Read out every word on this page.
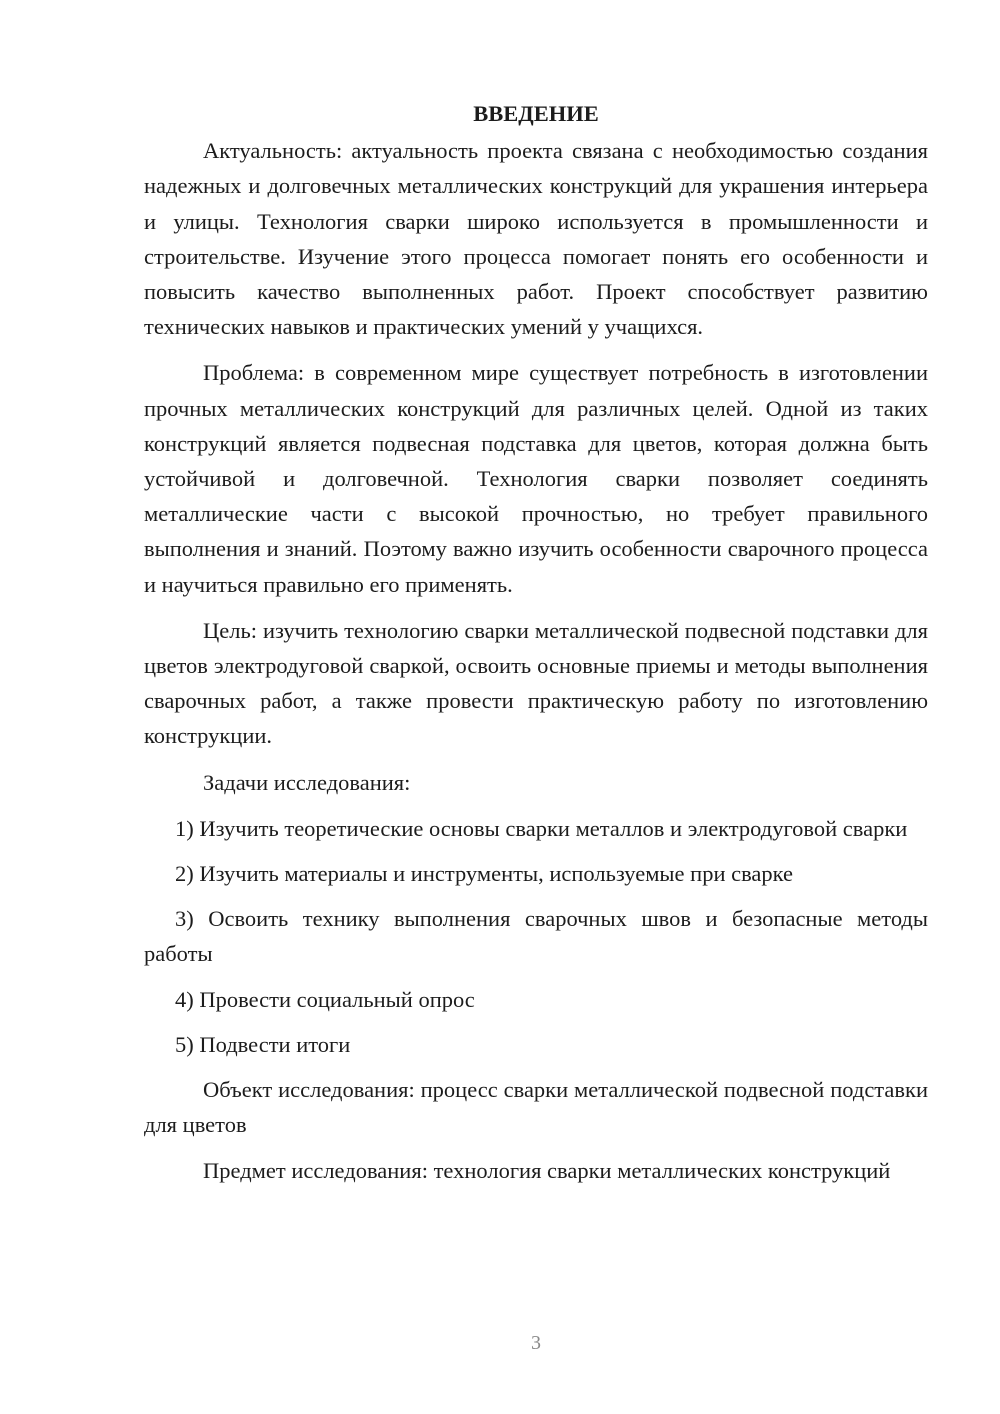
ВВЕДЕНИЕ

Актуальность: актуальность проекта связана с необходимостью создания надежных и долговечных металлических конструкций для украшения интерьера и улицы. Технология сварки широко используется в промышленности и строительстве. Изучение этого процесса помогает понять его особенности и повысить качество выполненных работ. Проект способствует развитию технических навыков и практических умений у учащихся.

Проблема: в современном мире существует потребность в изготовлении прочных металлических конструкций для различных целей. Одной из таких конструкций является подвесная подставка для цветов, которая должна быть устойчивой и долговечной. Технология сварки позволяет соединять металлические части с высокой прочностью, но требует правильного выполнения и знаний. Поэтому важно изучить особенности сварочного процесса и научиться правильно его применять.

Цель: изучить технологию сварки металлической подвесной подставки для цветов электродуговой сваркой, освоить основные приемы и методы выполнения сварочных работ, а также провести практическую работу по изготовлению конструкции.

Задачи исследования:

1) Изучить теоретические основы сварки металлов и электродуговой сварки

2) Изучить материалы и инструменты, используемые при сварке

3) Освоить технику выполнения сварочных швов и безопасные методы работы

4) Провести социальный опрос

5) Подвести итоги

Объект исследования: процесс сварки металлической подвесной подставки для цветов

Предмет исследования: технология сварки металлических конструкций

3
